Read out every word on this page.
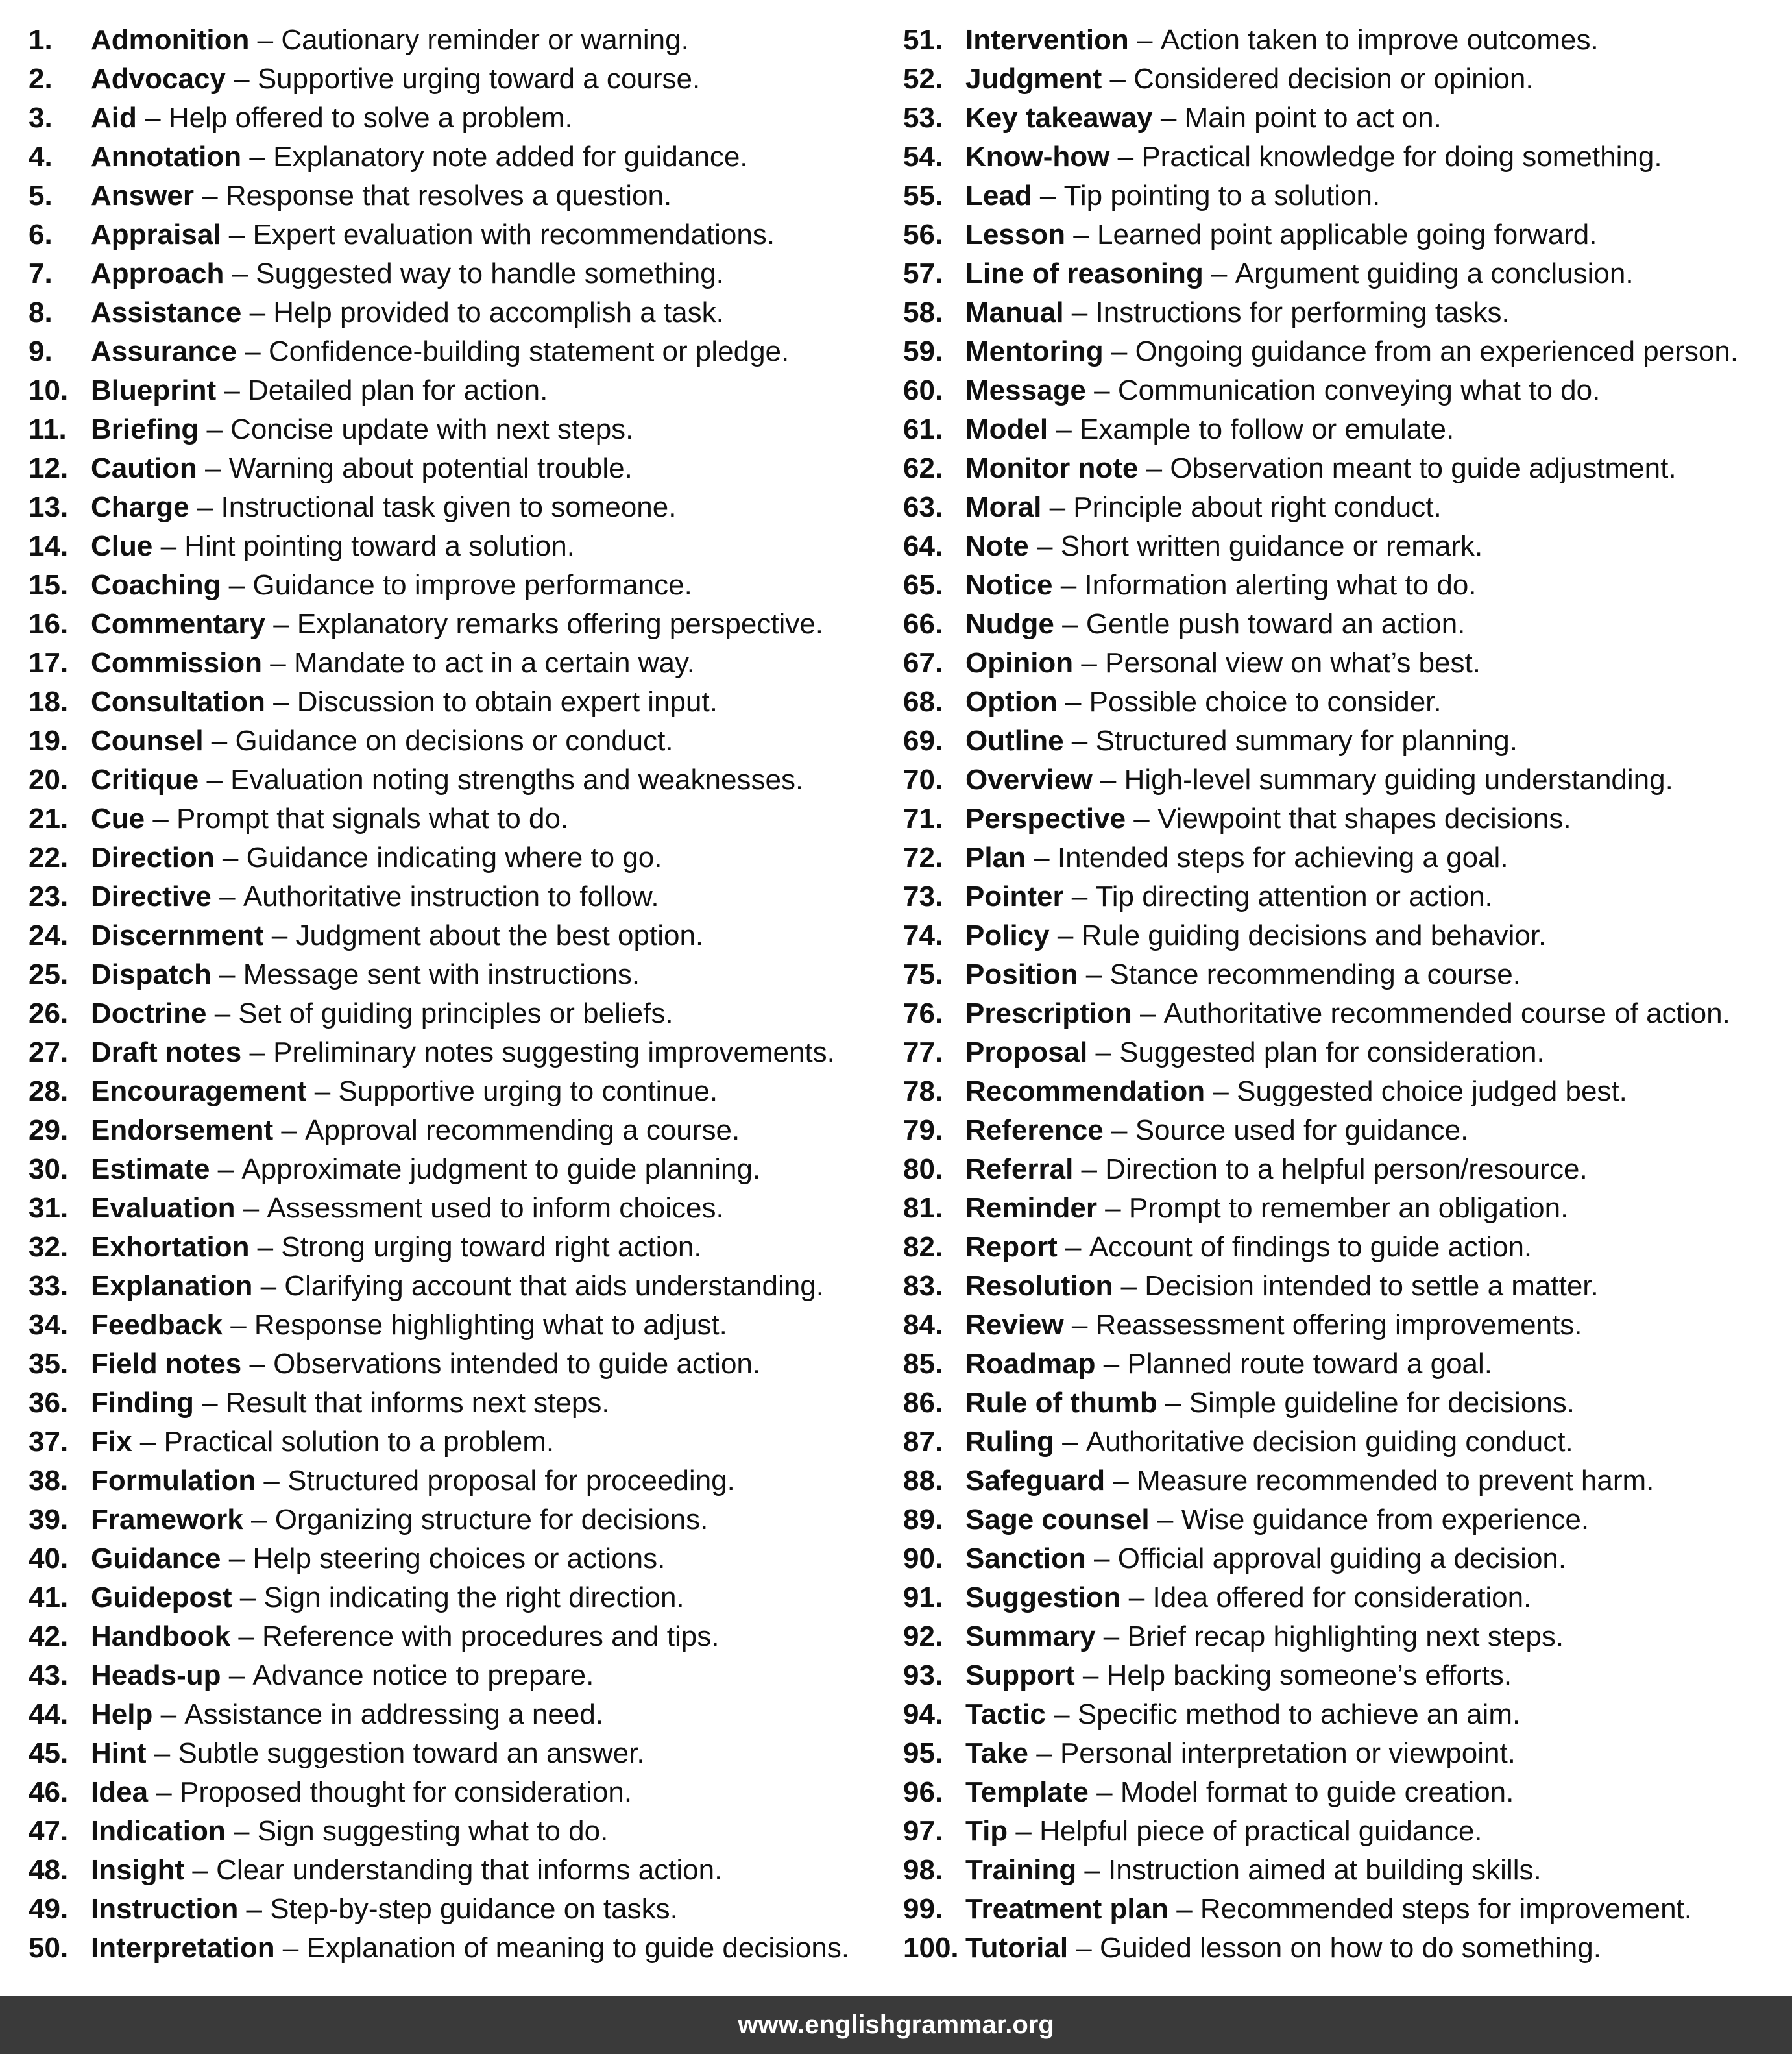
1.	Admonition – Cautionary reminder or warning.
2.	Advocacy – Supportive urging toward a course.
3.	Aid – Help offered to solve a problem.
4.	Annotation – Explanatory note added for guidance.
5.	Answer – Response that resolves a question.
6.	Appraisal – Expert evaluation with recommendations.
7.	Approach – Suggested way to handle something.
8.	Assistance – Help provided to accomplish a task.
9.	Assurance – Confidence-building statement or pledge.
10. Blueprint – Detailed plan for action.
11. Briefing – Concise update with next steps.
12. Caution – Warning about potential trouble.
13. Charge – Instructional task given to someone.
14. Clue – Hint pointing toward a solution.
15. Coaching – Guidance to improve performance.
16. Commentary – Explanatory remarks offering perspective.
17. Commission – Mandate to act in a certain way.
18. Consultation – Discussion to obtain expert input.
19. Counsel – Guidance on decisions or conduct.
20. Critique – Evaluation noting strengths and weaknesses.
21. Cue – Prompt that signals what to do.
22. Direction – Guidance indicating where to go.
23. Directive – Authoritative instruction to follow.
24. Discernment – Judgment about the best option.
25. Dispatch – Message sent with instructions.
26. Doctrine – Set of guiding principles or beliefs.
27. Draft notes – Preliminary notes suggesting improvements.
28. Encouragement – Supportive urging to continue.
29. Endorsement – Approval recommending a course.
30. Estimate – Approximate judgment to guide planning.
31. Evaluation – Assessment used to inform choices.
32. Exhortation – Strong urging toward right action.
33. Explanation – Clarifying account that aids understanding.
34. Feedback – Response highlighting what to adjust.
35. Field notes – Observations intended to guide action.
36. Finding – Result that informs next steps.
37. Fix – Practical solution to a problem.
38. Formulation – Structured proposal for proceeding.
39. Framework – Organizing structure for decisions.
40. Guidance – Help steering choices or actions.
41. Guidepost – Sign indicating the right direction.
42. Handbook – Reference with procedures and tips.
43. Heads-up – Advance notice to prepare.
44. Help – Assistance in addressing a need.
45. Hint – Subtle suggestion toward an answer.
46. Idea – Proposed thought for consideration.
47. Indication – Sign suggesting what to do.
48. Insight – Clear understanding that informs action.
49. Instruction – Step-by-step guidance on tasks.
50. Interpretation – Explanation of meaning to guide decisions.
51. Intervention – Action taken to improve outcomes.
52. Judgment – Considered decision or opinion.
53. Key takeaway – Main point to act on.
54. Know-how – Practical knowledge for doing something.
55. Lead – Tip pointing to a solution.
56. Lesson – Learned point applicable going forward.
57. Line of reasoning – Argument guiding a conclusion.
58. Manual – Instructions for performing tasks.
59. Mentoring – Ongoing guidance from an experienced person.
60. Message – Communication conveying what to do.
61. Model – Example to follow or emulate.
62. Monitor note – Observation meant to guide adjustment.
63. Moral – Principle about right conduct.
64. Note – Short written guidance or remark.
65. Notice – Information alerting what to do.
66. Nudge – Gentle push toward an action.
67. Opinion – Personal view on what’s best.
68. Option – Possible choice to consider.
69. Outline – Structured summary for planning.
70. Overview – High-level summary guiding understanding.
71. Perspective – Viewpoint that shapes decisions.
72. Plan – Intended steps for achieving a goal.
73. Pointer – Tip directing attention or action.
74. Policy – Rule guiding decisions and behavior.
75. Position – Stance recommending a course.
76. Prescription – Authoritative recommended course of action.
77. Proposal – Suggested plan for consideration.
78. Recommendation – Suggested choice judged best.
79. Reference – Source used for guidance.
80. Referral – Direction to a helpful person/resource.
81. Reminder – Prompt to remember an obligation.
82. Report – Account of findings to guide action.
83. Resolution – Decision intended to settle a matter.
84. Review – Reassessment offering improvements.
85. Roadmap – Planned route toward a goal.
86. Rule of thumb – Simple guideline for decisions.
87. Ruling – Authoritative decision guiding conduct.
88. Safeguard – Measure recommended to prevent harm.
89. Sage counsel – Wise guidance from experience.
90. Sanction – Official approval guiding a decision.
91. Suggestion – Idea offered for consideration.
92. Summary – Brief recap highlighting next steps.
93. Support – Help backing someone’s efforts.
94. Tactic – Specific method to achieve an aim.
95. Take – Personal interpretation or viewpoint.
96. Template – Model format to guide creation.
97. Tip – Helpful piece of practical guidance.
98. Training – Instruction aimed at building skills.
99. Treatment plan – Recommended steps for improvement.
100. Tutorial – Guided lesson on how to do something.
www.englishgrammar.org
